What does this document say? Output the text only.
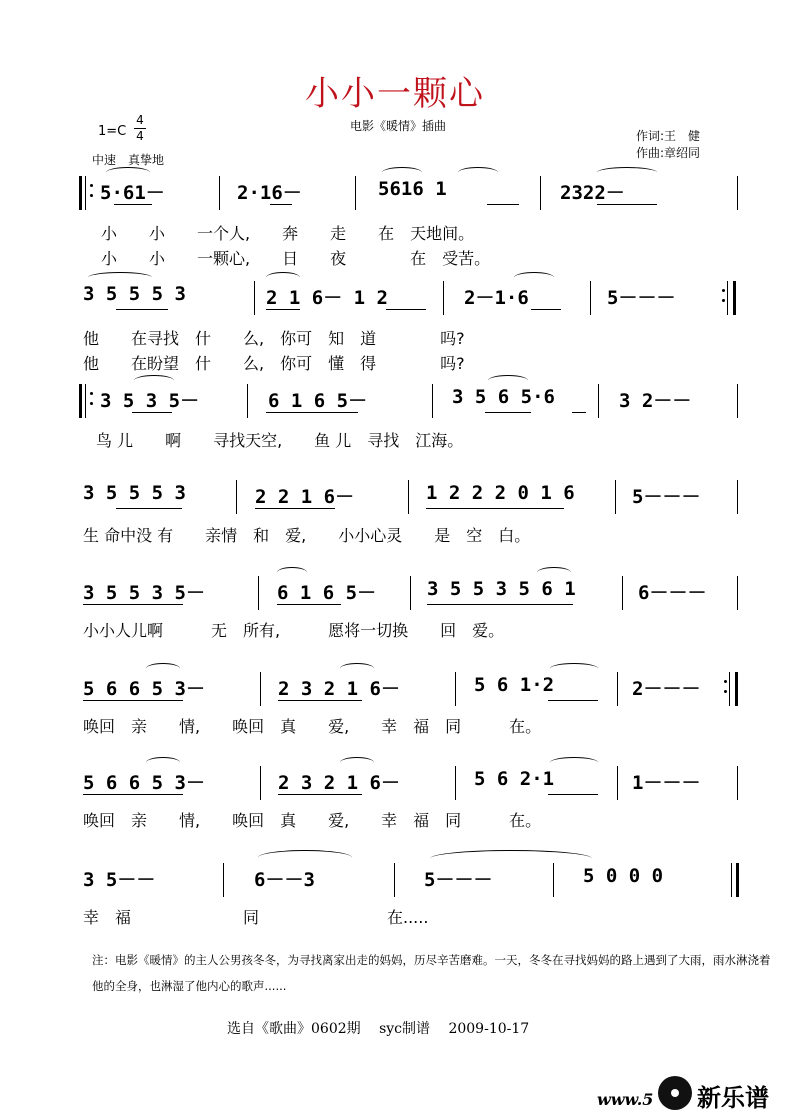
小小一颗心
1=C
4
4
电影《暖情》插曲
作词:王　健
作曲:章绍同
中速　真挚地
5·61－	2·16－	5616 1	2322－
小　　小　　一个人,　　奔　　走　　在　天地间。
小　　小　　一颗心,　　日　　夜　　　　在　受苦。
3 5 5 5 3	2 1 6－ 1 2	2－1·6	5－－－
他　　在寻找　什　　么,　你可　知　道　　　　吗?
他　　在盼望　什　　么,　你可　懂　得　　　　吗?
3 5 3 5－	6 1 6 5－	3 5 6 5·6	3 2－－
鸟 儿　　啊　　寻找天空,　　鱼 儿　寻找　江海。
3 5 5 5 3	2 2 1 6－	1 2 2 2 0 1 6	5－－－
生 命中没 有　　亲情　和　爱,　　小小心灵　　是　空　白。
3 5 5 3 5－	6 1 6 5－	3 5 5 3 5 6 1	6－－－
小小人儿啊　　　无　所有,　　　愿将一切换　　回　爱。
5 6 6 5 3－	2 3 2 1 6－	5 6 1·2	2－－－
唤回　亲　　情,　　唤回　真　　爱,　　幸　福　同　　　在。
5 6 6 5 3－	2 3 2 1 6－	5 6 2·1	1－－－
唤回　亲　　情,　　唤回　真　　爱,　　幸　福　同　　　在。
3 5－－	6－－3	5－－－	5 0 0 0
幸　福　　　　　　　同　　　　　　　　在.....
注：电影《暖情》的主人公男孩冬冬，为寻找离家出走的妈妈，历尽辛苦磨难。一天，冬冬在寻找妈妈的路上遇到了大雨，雨水淋浇着他的全身，也淋湿了他内心的歌声......
选自《歌曲》0602期　 syc制谱　 2009-10-17
www.5 新乐谱
